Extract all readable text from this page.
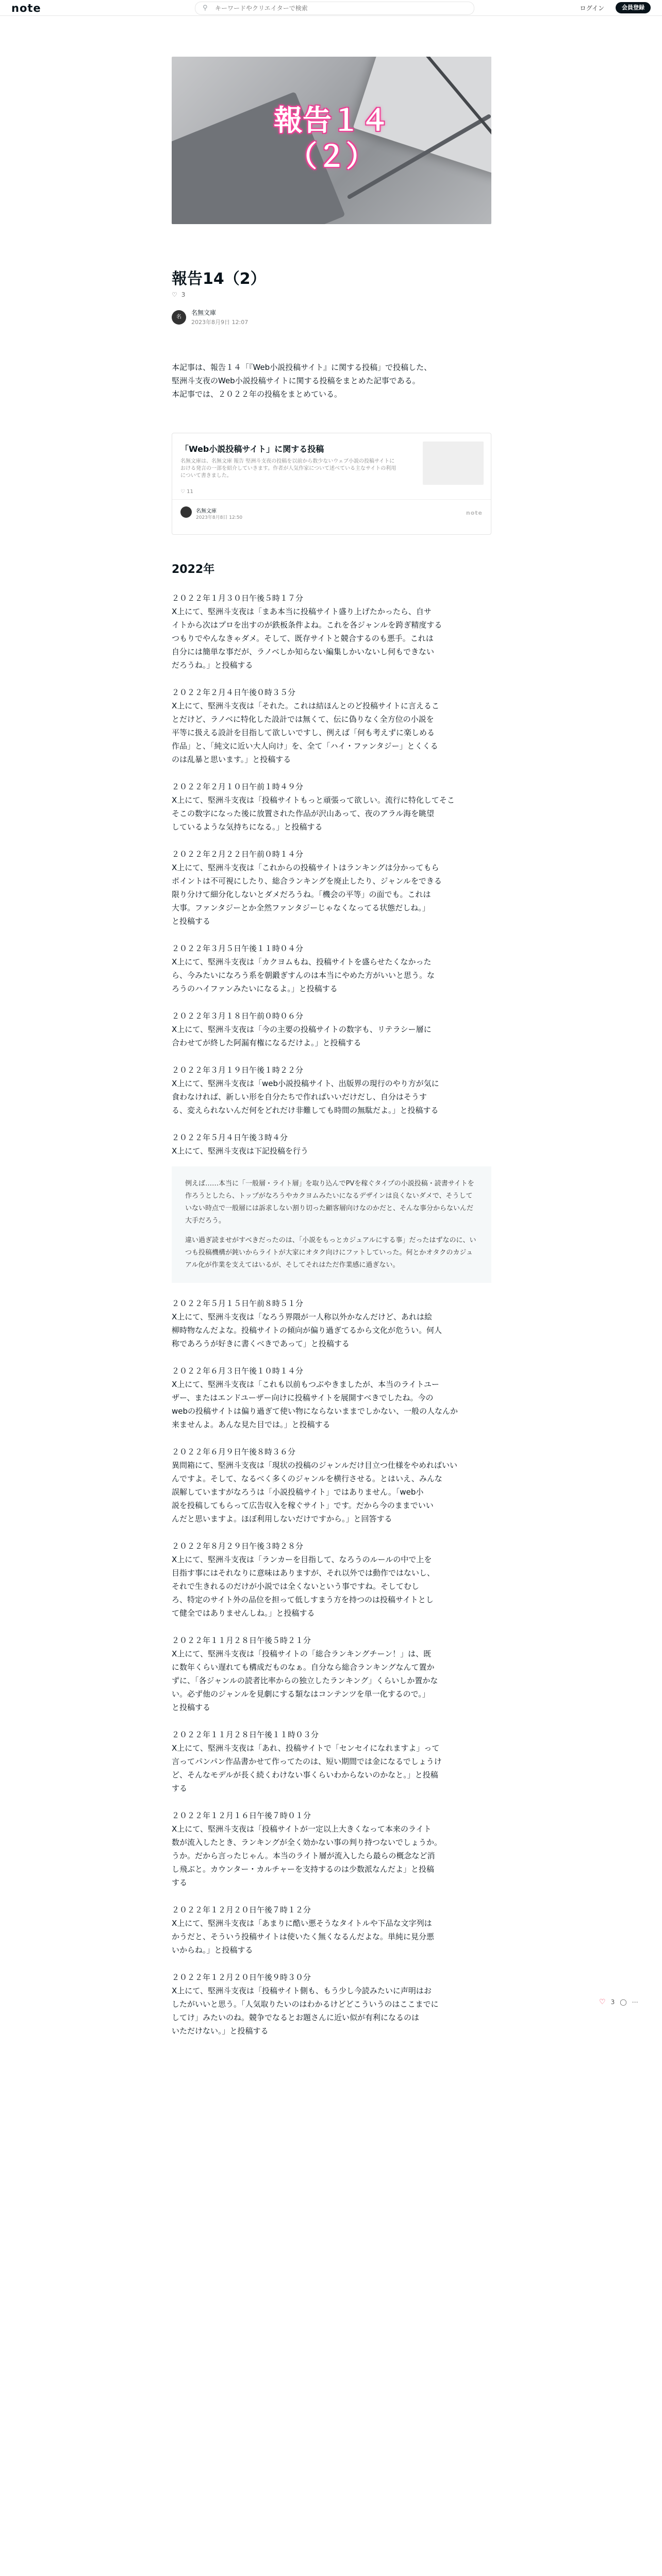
note	⚲
キーワードやクリエイターで検索	ログイン	会員登録
報告１４
（２）
報告14（2）
♡ 3
名
名無文庫
2023年8月9日 12:07
本記事は、報告１４「『Web小説投稿サイト』に関する投稿」で投稿した、
堅洲斗支夜のWeb小説投稿サイトに関する投稿をまとめた記事である。
本記事では、２０２２年の投稿をまとめている。
「Web小説投稿サイト」に関する投稿
名無文庫は、名無文庫 報告 堅洲斗支夜の投稿を以前から数少ないウェブ小説の投稿サイトにおける発言の一部を紹介していきます。作者が人気作家について述べている主なサイトの利用について書きました。
♡ 11
名無文庫
2023年8月8日 12:50
note
2022年
２０２２年１月３０日午後５時１７分
X上にて、堅洲斗支夜は「まあ本当に投稿サイト盛り上げたかったら、自サ
イトから次はプロを出すのが鉄板条件よね。これを各ジャンルを跨ぎ精度する
つもりでやんなきゃダメ。そして、既存サイトと競合するのも悪手。これは
自分には簡単な事だが、ラノベしか知らない編集しかいないし何もできない
だろうね。」と投稿する
２０２２年２月４日午後０時３５分
X上にて、堅洲斗支夜は「それた。これは結ほんとのど投稿サイトに言えるこ
とだけど、ラノベに特化した設計では無くて、伝に偽りなく全方位の小説を
平等に扱える設計を目指して欲しいですし、例えば「何も考えずに楽しめる
作品」と、「純文に近い大人向け」を、全て「ハイ・ファンタジー」とくくる
のは乱暴と思います。」と投稿する
２０２２年２月１０日午前１時４９分
X上にて、堅洲斗支夜は「投稿サイトもっと頑張って欲しい。流行に特化してそこ
そこの数字になった後に放置された作品が沢山あって、夜のアラル海を眺望
しているような気持ちになる。」と投稿する
２０２２年２月２２日午前０時１４分
X上にて、堅洲斗支夜は「これからの投稿サイトはランキングは分かってもら
ポイントは不可視にしたり、総合ランキングを廃止したり、ジャンルをできる
限り分けて細分化しないとダメだろうね。「機会の平等」の面でも。これは
大事。ファンタジーとか全然ファンタジーじゃなくなってる状態だしね。」
と投稿する
２０２２年３月５日午後１１時０４分
X上にて、堅洲斗支夜は「カクヨムもね、投稿サイトを盛らせたくなかった
ら、今みたいになろう系を朝鍛ぎすんのは本当にやめた方がいいと思う。な
ろうのハイファンみたいになるよ。」と投稿する
２０２２年３月１８日午前０時０６分
X上にて、堅洲斗支夜は「今の主要の投稿サイトの数字も、リテラシー層に
合わせてが終した阿漏有権になるだけよ。」と投稿する
２０２２年３月１９日午後１時２２分
X上にて、堅洲斗支夜は「web小説投稿サイト、出版界の現行のやり方が気に
食わなければ、新しい形を自分たちで作ればいいだけだし、自分はそうす
る、変えられないんだ何をどれだけ非難しても時間の無駄だよ。」と投稿する
２０２２年５月４日午後３時４分
X上にて、堅洲斗支夜は下記投稿を行う

例えば……本当に「一般層・ライト層」を取り込んでPVを稼ぐタイプの小説投稿・読書サイトを作ろうとしたら、トップがなろうやカクヨムみたいになるデザインは良くないダメで、そうしていない時点で一般層には訴求しない割り切った顧客層向けなのかだと、そんな事分からないんだ大手だろう。

違い過ぎ読ませがすべきだったのは、「小説をもっとカジュアルにする事」だったはずなのに、いつも投稿機構が鈍いからライトが大家にオタク向けにファトしていった。何とかオタクのカジュアル化が作業を支えてはいるが、そしてそれはただ作業感に過ぎない。

２０２２年５月１５日午前８時５１分
X上にて、堅洲斗支夜は「なろう界隈が一人称以外かなんだけど、あれは絵
柳時物なんだよな。投稿サイトの傾向が偏り過ぎてるから文化が危うい。何人
称であろうが好きに書くべきであって」と投稿する
２０２２年６月３日午後１０時１４分
X上にて、堅洲斗支夜は「これも以前もつぶやきましたが、本当のライトユー
ザー、またはエンドユーザー向けに投稿サイトを展開すべきでしたね。今の
webの投稿サイトは偏り過ぎて使い物にならないままでしかない、一般の人なんか
来ませんよ。あんな見た目では。」と投稿する
２０２２年６月９日午後８時３６分
異問箱にて、堅洲斗支夜は「現状の投稿のジャンルだけ目立つ仕様をやめればいい
んですよ。そして、なるべく多くのジャンルを横行させる。とはいえ、みんな
誤解していますがなろうは「小説投稿サイト」ではありません。「web小
説を投稿してもらって広告収入を稼ぐサイト」です。だから今のままでいい
んだと思いますよ。ほぼ利用しないだけですから。」と回答する
２０２２年８月２９日午後３時２８分
X上にて、堅洲斗支夜は「ランカーを目指して、なろうのルールの中で上を
目指す事にはそれなりに意味はありますが、それ以外では動作ではないし、
それで生きれるのだけが小説では全くないという事ですね。そしてむし
ろ、特定のサイト外の品位を担って低しすまう方を持つのは投稿サイトとし
て健全ではありませんしね。」と投稿する
２０２２年１１月２８日午後５時２１分
X上にて、堅洲斗支夜は「投稿サイトの「総合ランキングチーン！」は、既
に数年くらい遅れても構成だものなぁ。自分なら総合ランキングなんて置か
ずに、「各ジャンルの読者比率からの独立したランキング」くらいしか置かな
い。必ず他のジャンルを見劇にする類なはコンテンツを単一化するので。」
と投稿する
２０２２年１１月２８日午後１１時０３分
X上にて、堅洲斗支夜は「あれ、投稿サイトで「センセイになれますよ」って
言ってパンパン作品書かせて作ってたのは、短い期間では金になるでしょうけ
ど、そんなモデルが長く続くわけない事くらいわからないのかなと。」と投稿
する
２０２２年１２月１６日午後７時０１分
X上にて、堅洲斗支夜は「投稿サイトが一定以上大きくなって本来のライト
数が流入したとき、ランキングが全く効かない事の判り持つないでしょうか。
うか。だから言ったじゃん。本当のライト層が流入したら最らの概念など消
し飛ぶと。カウンター・カルチャーを支持するのは少数派なんだよ」と投稿
する
２０２２年１２月２０日午後７時１２分
X上にて、堅洲斗支夜は「あまりに酷い悪そうなタイトルや下品な文字列は
かうだと、そういう投稿サイトは使いたく無くなるんだよな。単純に見分悪
いからね。」と投稿する
２０２２年１２月２０日午後９時３０分
X上にて、堅洲斗支夜は「投稿サイト側も、もう少し今読みたいに声明はお
したがいいと思う。「人気取りたいのはわかるけどどこういうのはここまでに
してけ」みたいのね。競争でなるとお題さんに近い似が有利になるのは
いただけない。」と投稿する
♡ 3 ◯ ⋯
